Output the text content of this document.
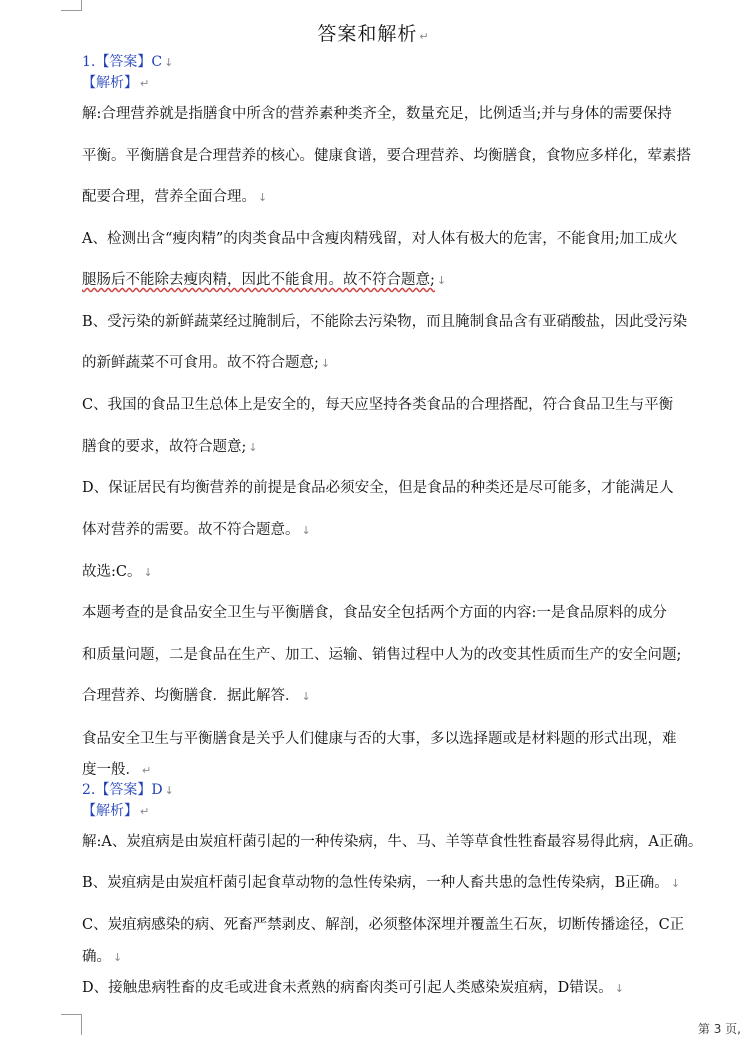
答案和解析 ↵
1.【答案】C ↓
【解析】 ↵
解:合理营养就是指膳食中所含的营养素种类齐全，数量充足，比例适当;并与身体的需要保持
平衡。平衡膳食是合理营养的核心。健康食谱，要合理营养、均衡膳食，食物应多样化，荤素搭
配要合理，营养全面合理。 ↓
A、检测出含“瘦肉精”的肉类食品中含瘦肉精残留，对人体有极大的危害，不能食用;加工成火
腿肠后不能除去瘦肉精，因此不能食用。故不符合题意; ↓
B、受污染的新鲜蔬菜经过腌制后，不能除去污染物，而且腌制食品含有亚硝酸盐，因此受污染
的新鲜蔬菜不可食用。故不符合题意; ↓
C、我国的食品卫生总体上是安全的，每天应坚持各类食品的合理搭配，符合食品卫生与平衡
膳食的要求，故符合题意; ↓
D、保证居民有均衡营养的前提是食品必须安全，但是食品的种类还是尽可能多，才能满足人
体对营养的需要。故不符合题意。 ↓
故选:C。 ↓
本题考查的是食品安全卫生与平衡膳食，食品安全包括两个方面的内容:一是食品原料的成分
和质量问题，二是食品在生产、加工、运输、销售过程中人为的改变其性质而生产的安全问题;
合理营养、均衡膳食．据此解答． ↓
食品安全卫生与平衡膳食是关乎人们健康与否的大事，多以选择题或是材料题的形式出现，难
度一般． ↵
2.【答案】D ↓
【解析】 ↵
解:A、炭疽病是由炭疽杆菌引起的一种传染病，牛、马、羊等草食性牲畜最容易得此病，A正确。
B、炭疽病是由炭疽杆菌引起食草动物的急性传染病，一种人畜共患的急性传染病，B正确。 ↓
C、炭疽病感染的病、死畜严禁剥皮、解剖，必须整体深埋并覆盖生石灰，切断传播途径，C正
确。 ↓
D、接触患病牲畜的皮毛或进食未煮熟的病畜肉类可引起人类感染炭疽病，D错误。 ↓
第 3 页,
